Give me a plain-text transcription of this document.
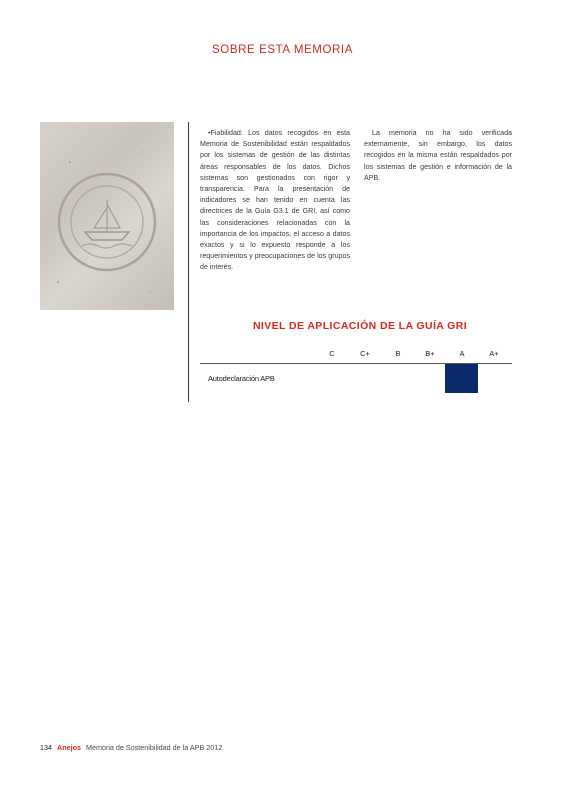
SOBRE ESTA MEMORIA

•Fiabilidad: Los datos recogidos en esta Memoria de Sostenibilidad están respaldados por los sistemas de gestión de las distintas áreas responsables de los datos. Dichos sistemas son gestionados con rigor y transparencia. Para la presentación de indicadores se han tenido en cuenta las directrices de la Guía G3.1 de GRI, así como las consideraciones relacionadas con la importancia de los impactos, el acceso a datos exactos y si lo expuesto responde a los requerimientos y preocupaciones de los grupos de interés.

La memoria no ha sido verificada externamente, sin embargo, los datos recogidos en la misma están respaldados por los sistemas de gestión e información de la APB.

NIVEL DE APLICACIÓN DE LA GUÍA GRI
C	C+	B	B+	A	A+
Autodeclaración APB
134 Anejos Memoria de Sostenibilidad de la APB 2012
